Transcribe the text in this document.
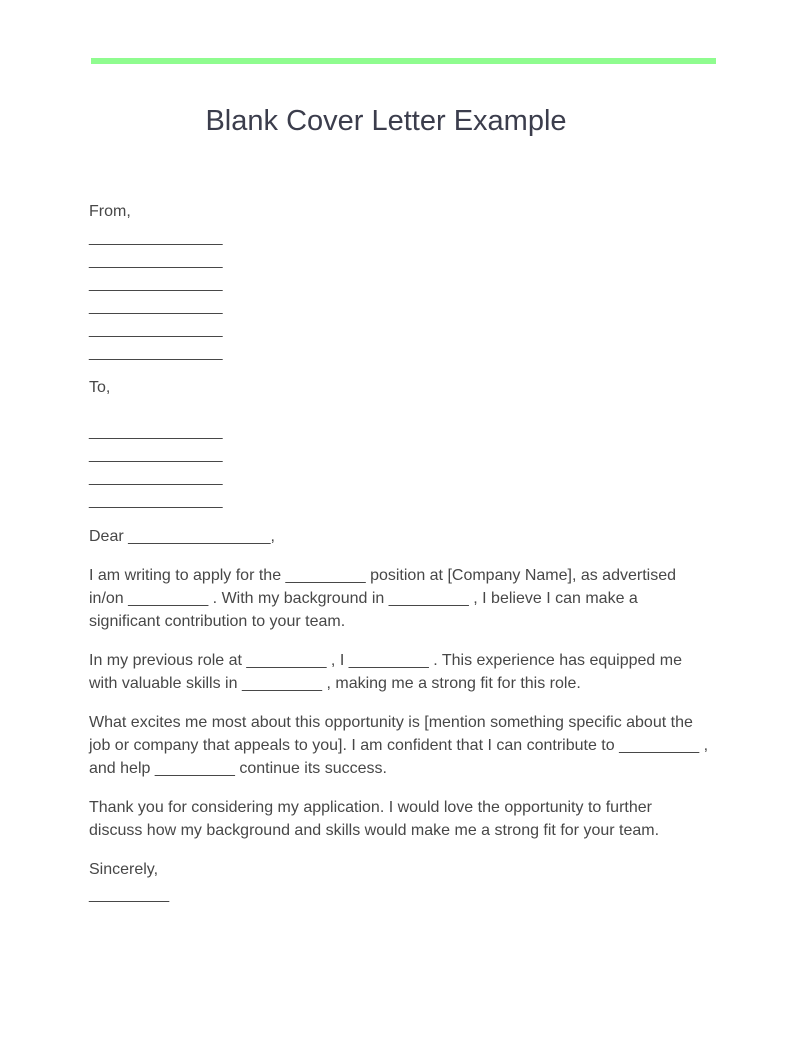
Blank Cover Letter Example

From,

_______________

_______________

_______________

_______________

_______________

_______________

To,

_______________

_______________

_______________

_______________

Dear ________________,

I am writing to apply for the _________ position at [Company Name], as advertised in/on _________ . With my background in _________ , I believe I can make a significant contribution to your team.

In my previous role at _________ , I _________ . This experience has equipped me with valuable skills in _________ , making me a strong fit for this role.

What excites me most about this opportunity is [mention something specific about the job or company that appeals to you]. I am confident that I can contribute to _________ , and help _________ continue its success.

Thank you for considering my application. I would love the opportunity to further discuss how my background and skills would make me a strong fit for your team.

Sincerely,

_________
